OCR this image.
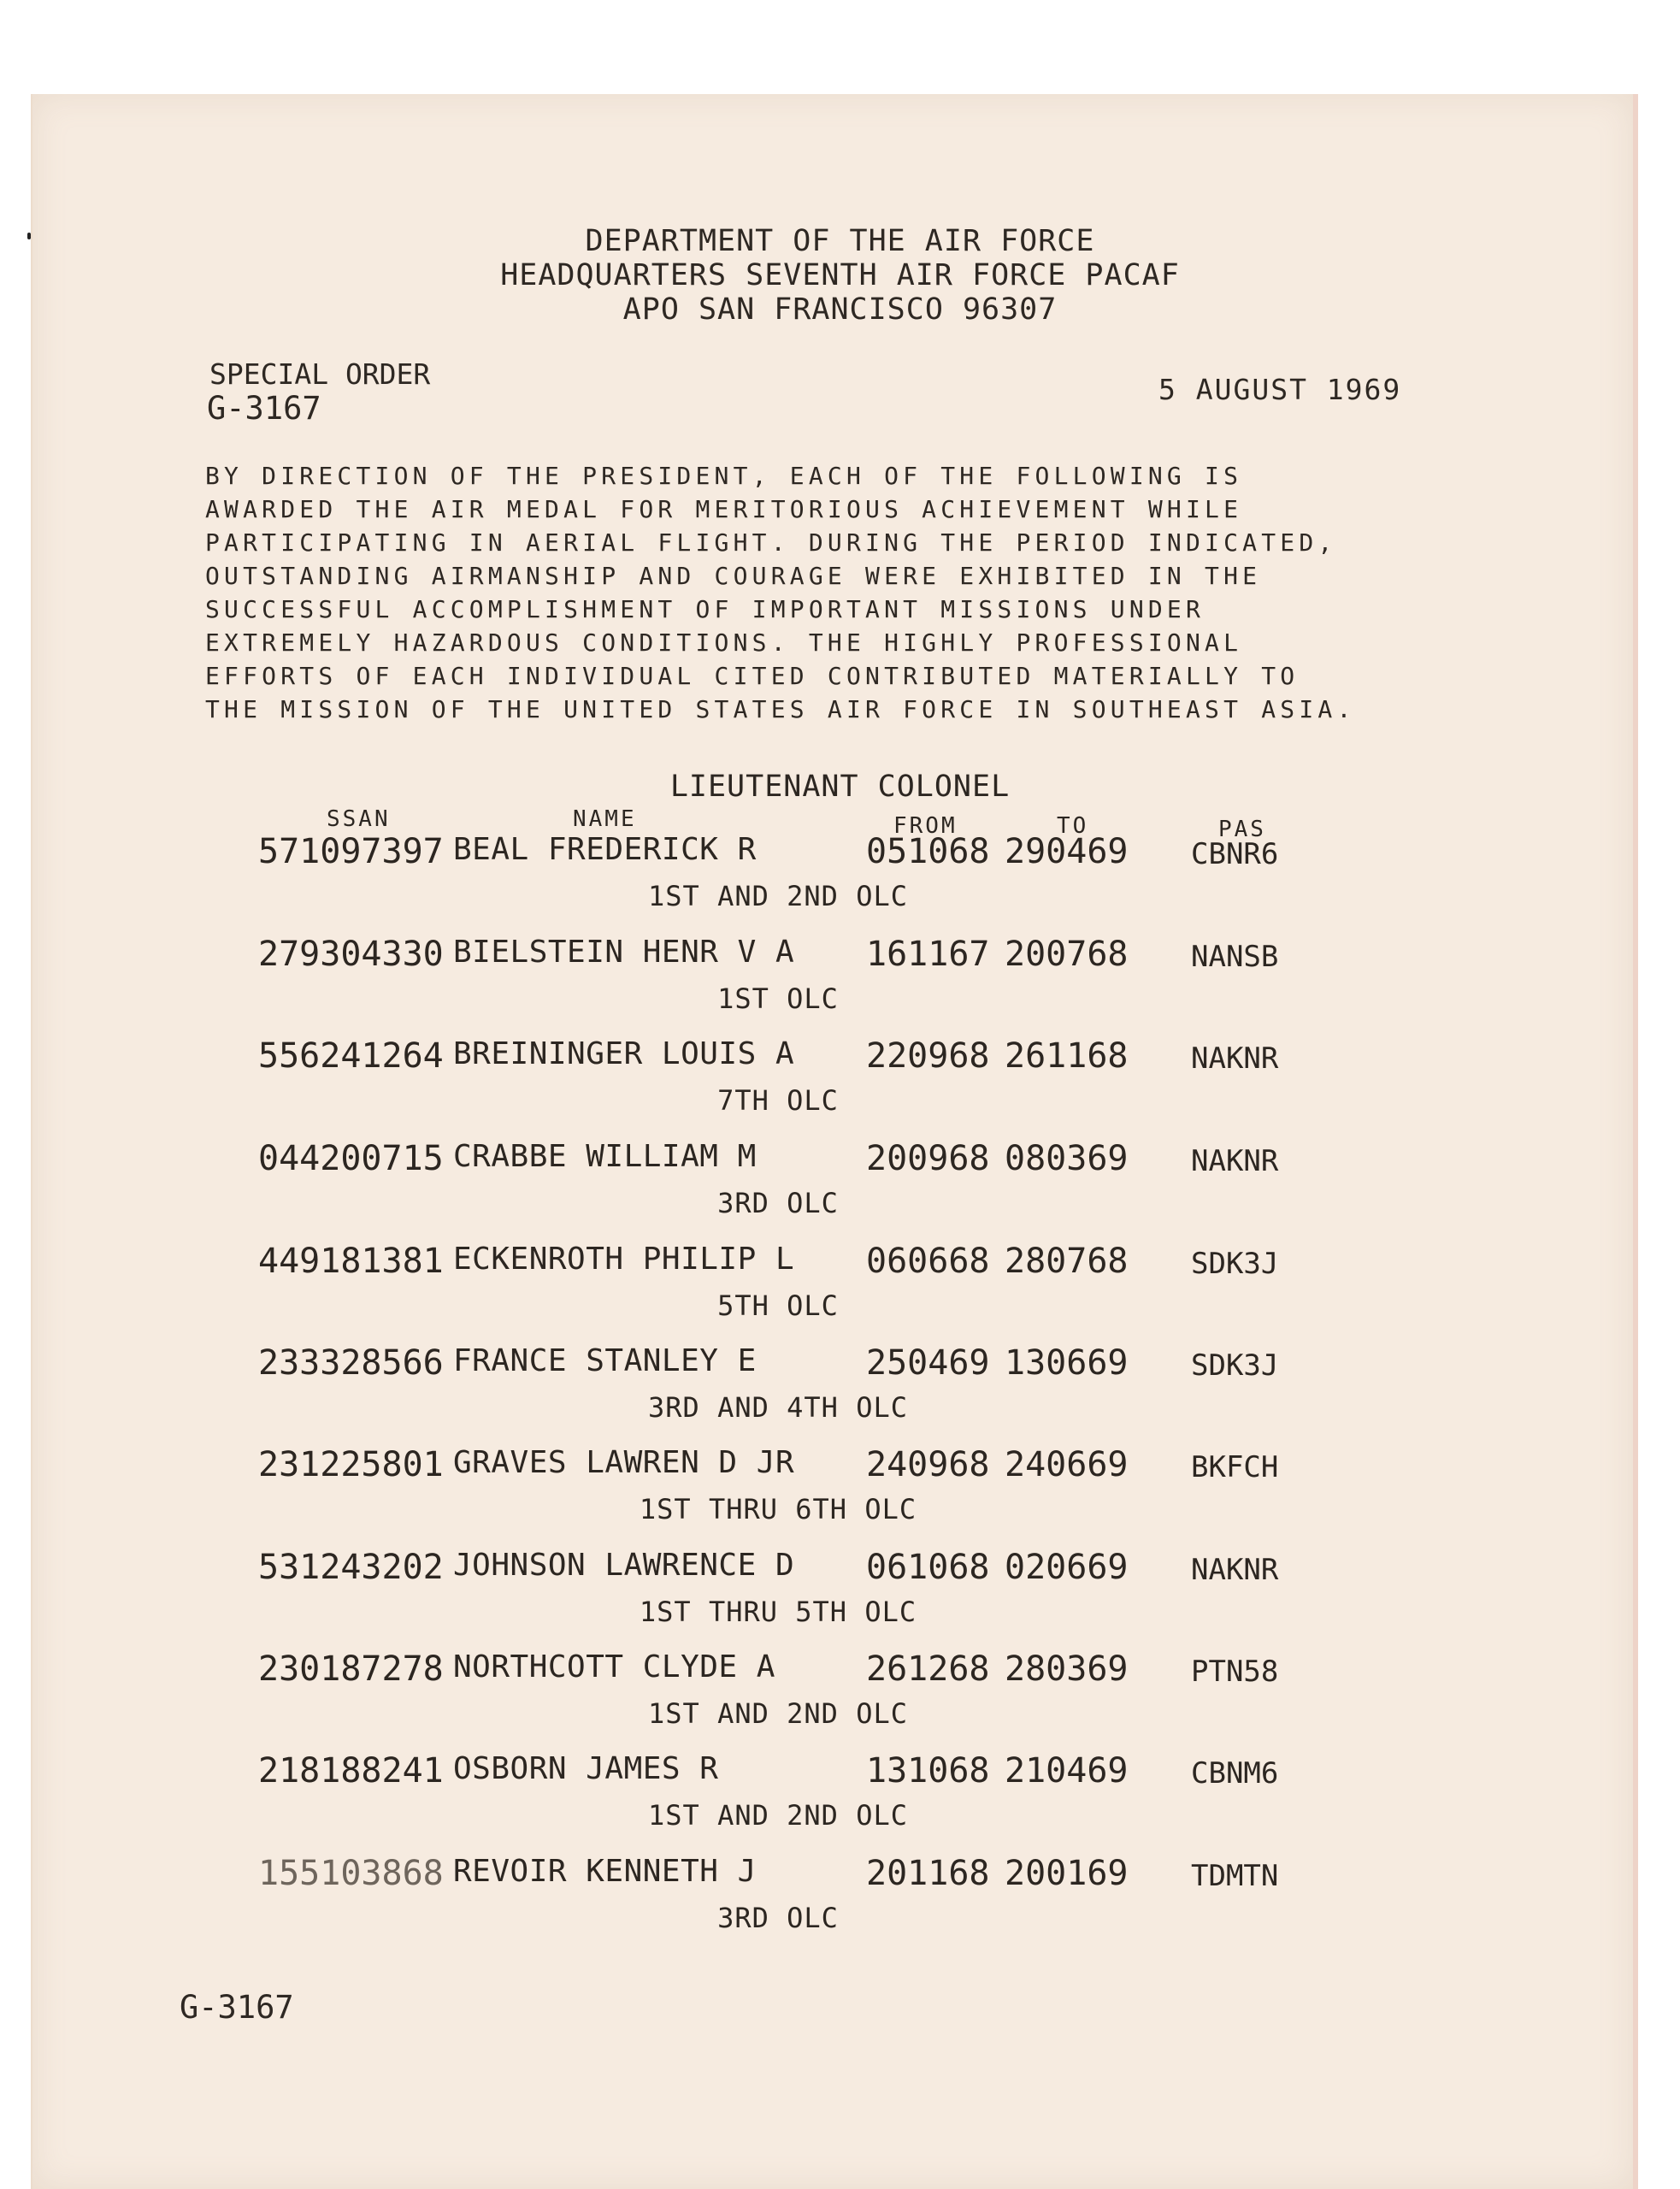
DEPARTMENT OF THE AIR FORCE
HEADQUARTERS SEVENTH AIR FORCE PACAF
APO SAN FRANCISCO 96307
SPECIAL ORDER
G-3167
5 AUGUST 1969
BY DIRECTION OF THE PRESIDENT, EACH OF THE FOLLOWING IS
AWARDED THE AIR MEDAL FOR MERITORIOUS ACHIEVEMENT WHILE
PARTICIPATING IN AERIAL FLIGHT. DURING THE PERIOD INDICATED,
OUTSTANDING AIRMANSHIP AND COURAGE WERE EXHIBITED IN THE
SUCCESSFUL ACCOMPLISHMENT OF IMPORTANT MISSIONS UNDER
EXTREMELY HAZARDOUS CONDITIONS. THE HIGHLY PROFESSIONAL
EFFORTS OF EACH INDIVIDUAL CITED CONTRIBUTED MATERIALLY TO
THE MISSION OF THE UNITED STATES AIR FORCE IN SOUTHEAST ASIA.
LIEUTENANT COLONEL
SSAN	NAME	FROM	TO	PAS
571097397 BEAL FREDERICK R	051068 290469 CBNR6
1ST AND 2ND OLC
279304330 BIELSTEIN HENR V A 161167 200768 NANSB
1ST OLC
556241264 BREININGER LOUIS A 220968 261168 NAKNR
7TH OLC
044200715 CRABBE WILLIAM M	200968 080369 NAKNR
3RD OLC
449181381 ECKENROTH PHILIP L 060668 280768 SDK3J
5TH OLC
233328566 FRANCE STANLEY E	250469 130669 SDK3J
3RD AND 4TH OLC
231225801 GRAVES LAWREN D JR 240968 240669 BKFCH
1ST THRU 6TH OLC
531243202 JOHNSON LAWRENCE D 061068 020669 NAKNR
1ST THRU 5TH OLC
230187278 NORTHCOTT CLYDE A	261268 280369 PTN58
1ST AND 2ND OLC
218188241 OSBORN JAMES R	131068 210469 CBNM6
1ST AND 2ND OLC
155103868 REVOIR KENNETH J	201168 200169 TDMTN
3RD OLC
G-3167
